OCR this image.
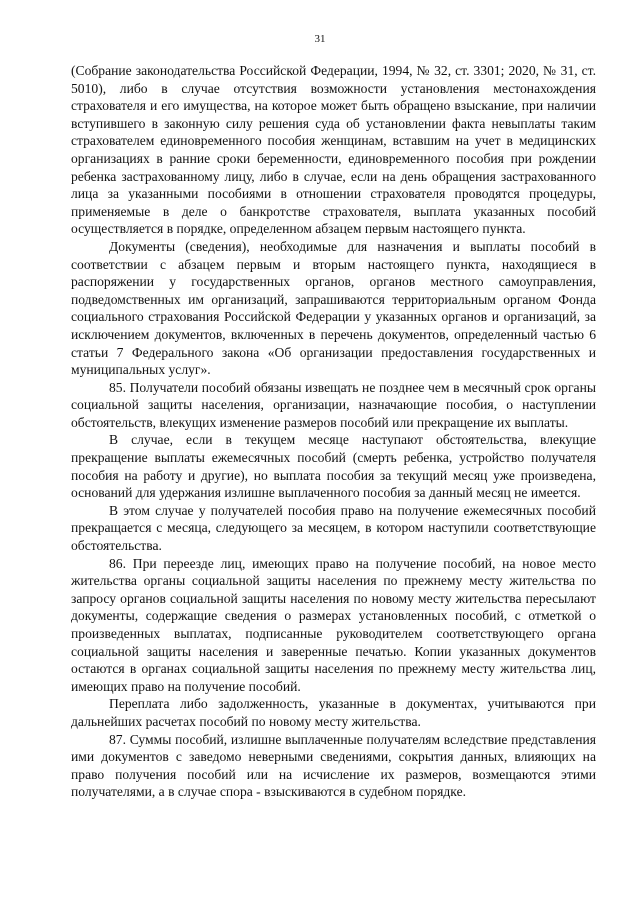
31

(Собрание законодательства Российской Федерации, 1994, № 32, ст. 3301; 2020, № 31, ст. 5010), либо в случае отсутствия возможности установления местонахождения страхователя и его имущества, на которое может быть обращено взыскание, при наличии вступившего в законную силу решения суда об установлении факта невыплаты таким страхователем единовременного пособия женщинам, вставшим на учет в медицинских организациях в ранние сроки беременности, единовременного пособия при рождении ребенка застрахованному лицу, либо в случае, если на день обращения застрахованного лица за указанными пособиями в отношении страхователя проводятся процедуры, применяемые в деле о банкротстве страхователя, выплата указанных пособий осуществляется в порядке, определенном абзацем первым настоящего пункта.

Документы (сведения), необходимые для назначения и выплаты пособий в соответствии с абзацем первым и вторым настоящего пункта, находящиеся в распоряжении у государственных органов, органов местного самоуправления, подведомственных им организаций, запрашиваются территориальным органом Фонда социального страхования Российской Федерации у указанных органов и организаций, за исключением документов, включенных в перечень документов, определенный частью 6 статьи 7 Федерального закона «Об организации предоставления государственных и муниципальных услуг».

85. Получатели пособий обязаны извещать не позднее чем в месячный срок органы социальной защиты населения, организации, назначающие пособия, о наступлении обстоятельств, влекущих изменение размеров пособий или прекращение их выплаты.

В случае, если в текущем месяце наступают обстоятельства, влекущие прекращение выплаты ежемесячных пособий (смерть ребенка, устройство получателя пособия на работу и другие), но выплата пособия за текущий месяц уже произведена, оснований для удержания излишне выплаченного пособия за данный месяц не имеется.

В этом случае у получателей пособия право на получение ежемесячных пособий прекращается с месяца, следующего за месяцем, в котором наступили соответствующие обстоятельства.

86. При переезде лиц, имеющих право на получение пособий, на новое место жительства органы социальной защиты населения по прежнему месту жительства по запросу органов социальной защиты населения по новому месту жительства пересылают документы, содержащие сведения о размерах установленных пособий, с отметкой о произведенных выплатах, подписанные руководителем соответствующего органа социальной защиты населения и заверенные печатью. Копии указанных документов остаются в органах социальной защиты населения по прежнему месту жительства лиц, имеющих право на получение пособий.

Переплата либо задолженность, указанные в документах, учитываются при дальнейших расчетах пособий по новому месту жительства.

87. Суммы пособий, излишне выплаченные получателям вследствие представления ими документов с заведомо неверными сведениями, сокрытия данных, влияющих на право получения пособий или на исчисление их размеров, возмещаются этими получателями, а в случае спора - взыскиваются в судебном порядке.
